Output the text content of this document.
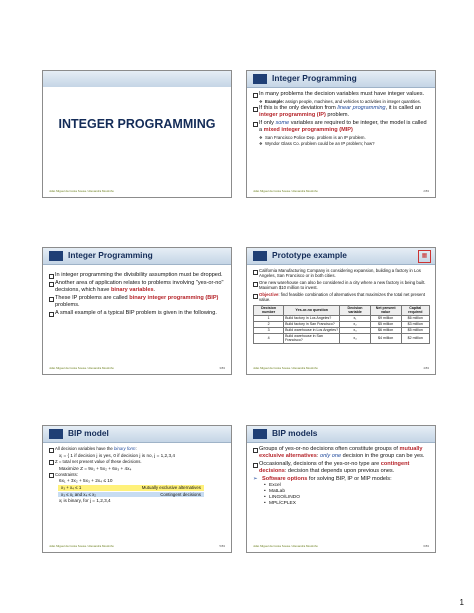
INTEGER PROGRAMMING
João Miguel da Costa Sousa / Alexandra Moutinho
Integer Programming
In many problems the decision variables must have integer values.
❖ Example: assign people, machines, and vehicles to activities in integer quantities.
If this is the only deviation from linear programming, it is called an integer programming (IP) problem.
If only some variables are required to be integer, the model is called a mixed integer programming (MIP)
❖ San Francisco Police Dep. problem is an IP problem.
❖ Wyndor Glass Co. problem could be an IP problem; how?
João Miguel da Costa Sousa / Alexandra Moutinho	2/83
Integer Programming
In integer programming the divisibility assumption must be dropped.
Another area of application relates to problems involving "yes-or-no" decisions, which have binary variables.
These IP problems are called binary integer programming (BIP) problems.
A small example of a typical BIP problem is given in the following.
João Miguel da Costa Sousa / Alexandra Moutinho	3/83
Prototype example	▦
California Manufacturing Company is considering expansion, building a factory in Los Angeles, San Francisco or in both cities.
One new warehouse can also be considered in a city where a new factory is being built. Maximum $10 million to invest.
Objective: find feasible combination of alternatives that maximizes the total net present value.
Decision number	Yes-or-no question	Decision variable	Net present value	Capital required
1	Build factory in Los Angeles?	x₁	$9 million	$6 million
2	Build factory in San Francisco?	x₂	$5 million	$3 million
3	Build warehouse in Los Angeles?	x₃	$6 million	$5 million
4	Build warehouse in San Francisco?	x₄	$4 million	$2 million
João Miguel da Costa Sousa / Alexandra Moutinho	4/83
BIP model
All decision variables have the binary form:
xⱼ = { 1 if decision j is yes, 0 if decision j is no, j = 1,2,3,4
Z = total net present value of these decisions.
Maximize Z = 9x₁ + 5x₂ + 6x₃ + 4x₄
Constraints:
6x₁ + 3x₂ + 5x₃ + 2x₄ ≤ 10
x₃ + x₄ ≤ 1	Mutually exclusive alternatives
x₃ ≤ x₁ and x₄ ≤ x₂	Contingent decisions
xⱼ is binary, for j = 1,2,3,4
João Miguel da Costa Sousa / Alexandra Moutinho	5/83
BIP models
Groups of yes-or-no decisions often constitute groups of mutually exclusive alternatives: only one decision in the group can be yes.
Occasionally, decisions of the yes-or-no type are contingent decisions: decision that depends upon previous ones.
➢ Software options for solving BIP, IP or MIP models:
• Excel
• MatLab
• LINGO/LINDO
• MPL/CPLEX
João Miguel da Costa Sousa / Alexandra Moutinho	6/83
1
